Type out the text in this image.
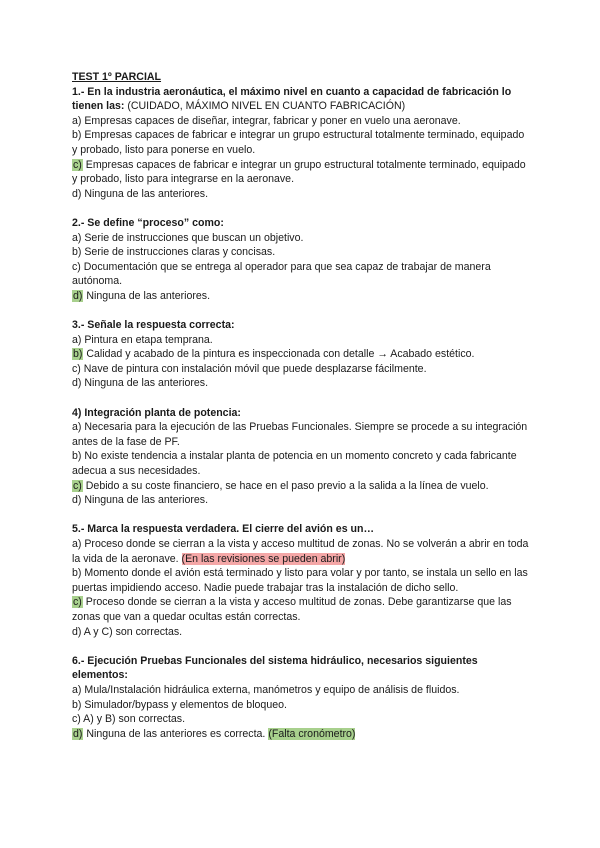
TEST 1º PARCIAL
1.- En la industria aeronáutica, el máximo nivel en cuanto a capacidad de fabricación lo tienen las: (CUIDADO, MÁXIMO NIVEL EN CUANTO FABRICACIÓN)
a) Empresas capaces de diseñar, integrar, fabricar y poner en vuelo una aeronave.
b) Empresas capaces de fabricar e integrar un grupo estructural totalmente terminado, equipado y probado, listo para ponerse en vuelo.
c) Empresas capaces de fabricar e integrar un grupo estructural totalmente terminado, equipado y probado, listo para integrarse en la aeronave.
d) Ninguna de las anteriores.
2.- Se define “proceso” como:
a) Serie de instrucciones que buscan un objetivo.
b) Serie de instrucciones claras y concisas.
c) Documentación que se entrega al operador para que sea capaz de trabajar de manera autónoma.
d) Ninguna de las anteriores.
3.- Señale la respuesta correcta:
a) Pintura en etapa temprana.
b) Calidad y acabado de la pintura es inspeccionada con detalle → Acabado estético.
c) Nave de pintura con instalación móvil que puede desplazarse fácilmente.
d) Ninguna de las anteriores.
4) Integración planta de potencia:
a) Necesaria para la ejecución de las Pruebas Funcionales. Siempre se procede a su integración antes de la fase de PF.
b) No existe tendencia a instalar planta de potencia en un momento concreto y cada fabricante adecua a sus necesidades.
c) Debido a su coste financiero, se hace en el paso previo a la salida a la línea de vuelo.
d) Ninguna de las anteriores.
5.- Marca la respuesta verdadera. El cierre del avión es un…
a) Proceso donde se cierran a la vista y acceso multitud de zonas. No se volverán a abrir en toda la vida de la aeronave. (En las revisiones se pueden abrir)
b) Momento donde el avión está terminado y listo para volar y por tanto, se instala un sello en las puertas impidiendo acceso. Nadie puede trabajar tras la instalación de dicho sello.
c) Proceso donde se cierran a la vista y acceso multitud de zonas. Debe garantizarse que las zonas que van a quedar ocultas están correctas.
d) A y C) son correctas.
6.- Ejecución Pruebas Funcionales del sistema hidráulico, necesarios siguientes elementos:
a) Mula/Instalación hidráulica externa, manómetros y equipo de análisis de fluidos.
b) Simulador/bypass y elementos de bloqueo.
c) A) y B) son correctas.
d) Ninguna de las anteriores es correcta. (Falta cronómetro)
